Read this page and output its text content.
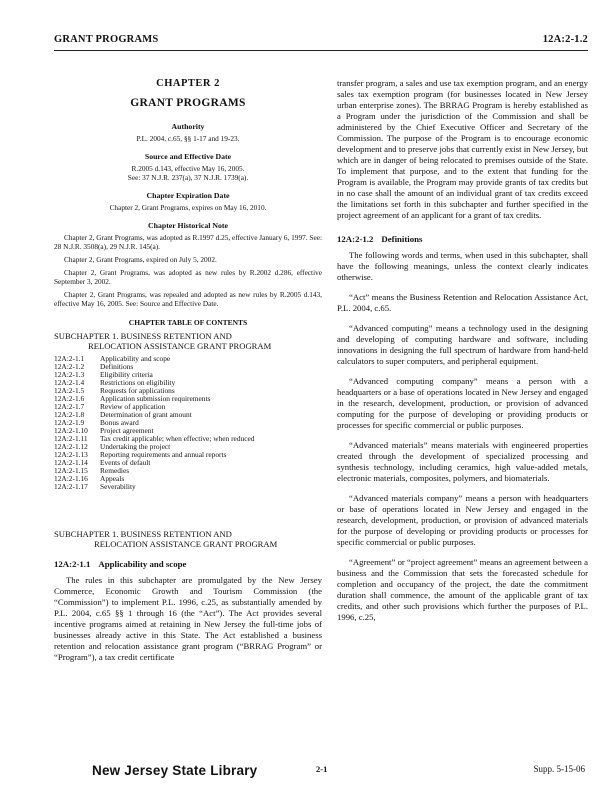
GRANT PROGRAMS	12A:2-1.2

CHAPTER 2

GRANT PROGRAMS

Authority

P.L. 2004, c.65, §§ 1-17 and 19-23.

Source and Effective Date

R.2005 d.143, effective May 16, 2005.

See: 37 N.J.R. 237(a), 37 N.J.R. 1739(a).

Chapter Expiration Date

Chapter 2, Grant Programs, expires on May 16, 2010.

Chapter Historical Note

Chapter 2, Grant Programs, was adopted as R.1997 d.25, effective January 6, 1997. See: 28 N.J.R. 3508(a), 29 N.J.R. 145(a).

Chapter 2, Grant Programs, expired on July 5, 2002.

Chapter 2, Grant Programs, was adopted as new rules by R.2002 d.286, effective September 3, 2002.

Chapter 2, Grant Programs, was repealed and adopted as new rules by R.2005 d.143, effective May 16, 2005. See: Source and Effective Date.

CHAPTER TABLE OF CONTENTS

SUBCHAPTER 1. BUSINESS RETENTION AND
RELOCATION ASSISTANCE GRANT PROGRAM

12A:2-1.1	Applicability and scope
12A:2-1.2	Definitions
12A:2-1.3	Eligibility criteria
12A:2-1.4	Restrictions on eligibility
12A:2-1.5	Requests for applications
12A:2-1.6	Application submission requirements
12A:2-1.7	Review of application
12A:2-1.8	Determination of grant amount
12A:2-1.9	Bonus award
12A:2-1.10	Project agreement
12A:2-1.11	Tax credit applicable; when effective; when reduced
12A:2-1.12	Undertaking the project
12A:2-1.13	Reporting requirements and annual reports
12A:2-1.14	Events of default
12A:2-1.15	Remedies
12A:2-1.16	Appeals
12A:2-1.17	Severability

SUBCHAPTER 1. BUSINESS RETENTION AND
RELOCATION ASSISTANCE GRANT PROGRAM

12A:2-1.1 Applicability and scope

The rules in this subchapter are promulgated by the New Jersey Commerce, Economic Growth and Tourism Commission (the “Commission”) to implement P.L. 1996, c.25, as substantially amended by P.L. 2004, c.65 §§ 1 through 16 (the “Act”). The Act provides several incentive programs aimed at retaining in New Jersey the full-time jobs of businesses already active in this State. The Act established a business retention and relocation assistance grant program (“BRRAG Program” or “Program”), a tax credit certificate

transfer program, a sales and use tax exemption program, and an energy sales tax exemption program (for businesses located in New Jersey urban enterprise zones). The BRRAG Program is hereby established as a Program under the jurisdiction of the Commission and shall be administered by the Chief Executive Officer and Secretary of the Commission. The purpose of the Program is to encourage economic development and to preserve jobs that currently exist in New Jersey, but which are in danger of being relocated to premises outside of the State. To implement that purpose, and to the extent that funding for the Program is available, the Program may provide grants of tax credits but in no case shall the amount of an individual grant of tax credits exceed the limitations set forth in this subchapter and further specified in the project agreement of an applicant for a grant of tax credits.

12A:2-1.2 Definitions

The following words and terms, when used in this subchapter, shall have the following meanings, unless the context clearly indicates otherwise.

“Act” means the Business Retention and Relocation Assistance Act, P.L. 2004, c.65.

“Advanced computing” means a technology used in the designing and developing of computing hardware and software, including innovations in designing the full spectrum of hardware from hand-held calculators to super computers, and peripheral equipment.

“Advanced computing company” means a person with a headquarters or a base of operations located in New Jersey and engaged in the research, development, production, or provision of advanced computing for the purpose of developing or providing products or processes for specific commercial or public purposes.

“Advanced materials” means materials with engineered properties created through the development of specialized processing and synthesis technology, including ceramics, high value-added metals, electronic materials, composites, polymers, and biomaterials.

“Advanced materials company” means a person with headquarters or base of operations located in New Jersey and engaged in the research, development, production, or provision of advanced materials for the purpose of developing or providing products or processes for specific commercial or public purposes.

“Agreement” or “project agreement” means an agreement between a business and the Commission that sets the forecasted schedule for completion and occupancy of the project, the date the commitment duration shall commence, the amount of the applicable grant of tax credits, and other such provisions which further the purposes of P.L. 1996, c.25,

New Jersey State Library	2-1	Supp. 5-15-06
